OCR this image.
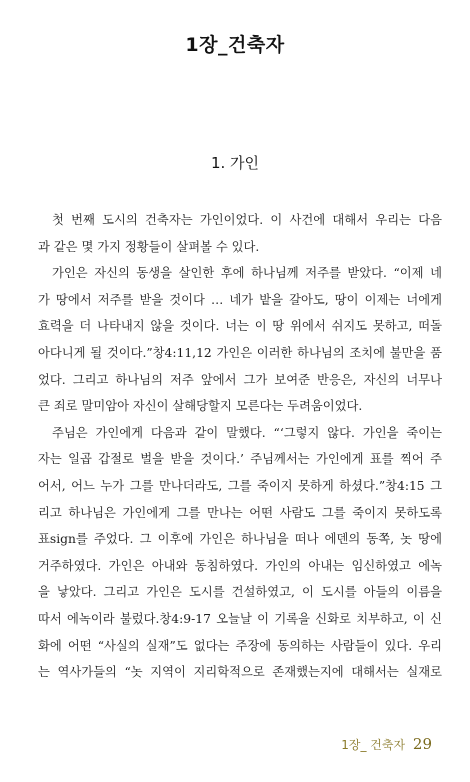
1장_건축자
1. 가인
첫 번째 도시의 건축자는 가인이었다. 이 사건에 대해서 우리는 다음
과 같은 몇 가지 정황들이 살펴볼 수 있다.
가인은 자신의 동생을 살인한 후에 하나님께 저주를 받았다. “이제 네
가 땅에서 저주를 받을 것이다 … 네가 밭을 갈아도, 땅이 이제는 너에게
효력을 더 나타내지 않을 것이다. 너는 이 땅 위에서 쉬지도 못하고, 떠돌
아다니게 될 것이다.”창4:11,12 가인은 이러한 하나님의 조치에 불만을 품
었다. 그리고 하나님의 저주 앞에서 그가 보여준 반응은, 자신의 너무나
큰 죄로 말미암아 자신이 살해당할지 모른다는 두려움이었다.
주님은 가인에게 다음과 같이 말했다. “‘그렇지 않다. 가인을 죽이는
자는 일곱 갑절로 벌을 받을 것이다.’ 주님께서는 가인에게 표를 찍어 주
어서, 어느 누가 그를 만나더라도, 그를 죽이지 못하게 하셨다.”창4:15 그
리고 하나님은 가인에게 그를 만나는 어떤 사람도 그를 죽이지 못하도록
표sign를 주었다. 그 이후에 가인은 하나님을 떠나 에덴의 동쪽, 놋 땅에
거주하였다. 가인은 아내와 동침하였다. 가인의 아내는 임신하였고 에녹
을 낳았다. 그리고 가인은 도시를 건설하였고, 이 도시를 아들의 이름을
따서 에녹이라 불렀다.창4:9-17 오늘날 이 기록을 신화로 치부하고, 이 신
화에 어떤 “사실의 실재”도 없다는 주장에 동의하는 사람들이 있다. 우리
는 역사가들의 “놋 지역이 지리학적으로 존재했는지에 대해서는 실재로
1장_ 건축자 29
